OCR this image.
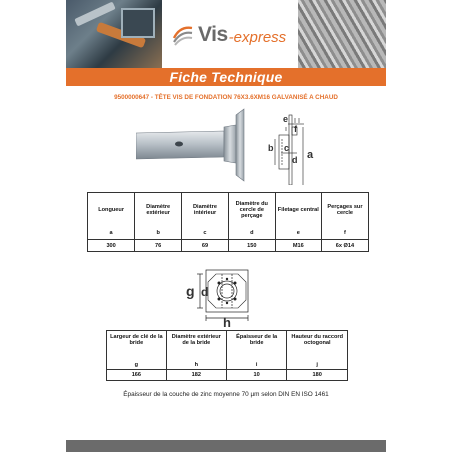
Vis -express
Fiche Technique
9500000647 - TÊTE VIS DE FONDATION 76X3.6XM16 GALVANISÉ A CHAUD
e
f
b c
d a
Longueur	Diamètre extérieur	Diamètre intérieur	Diamètre du cercle de perçage	Filetage central	Perçages sur cercle
a	b	c	d	e	f
300	76	69	150	M16	6x Ø14
g d
h
Largeur de clé de la bride	Diamètre extérieur de la bride	Épaisseur de la bride	Hauteur du raccord octogonal
g	h	i	j
166	182	10	180
Épaisseur de la couche de zinc moyenne 70 µm selon DIN EN ISO 1461
